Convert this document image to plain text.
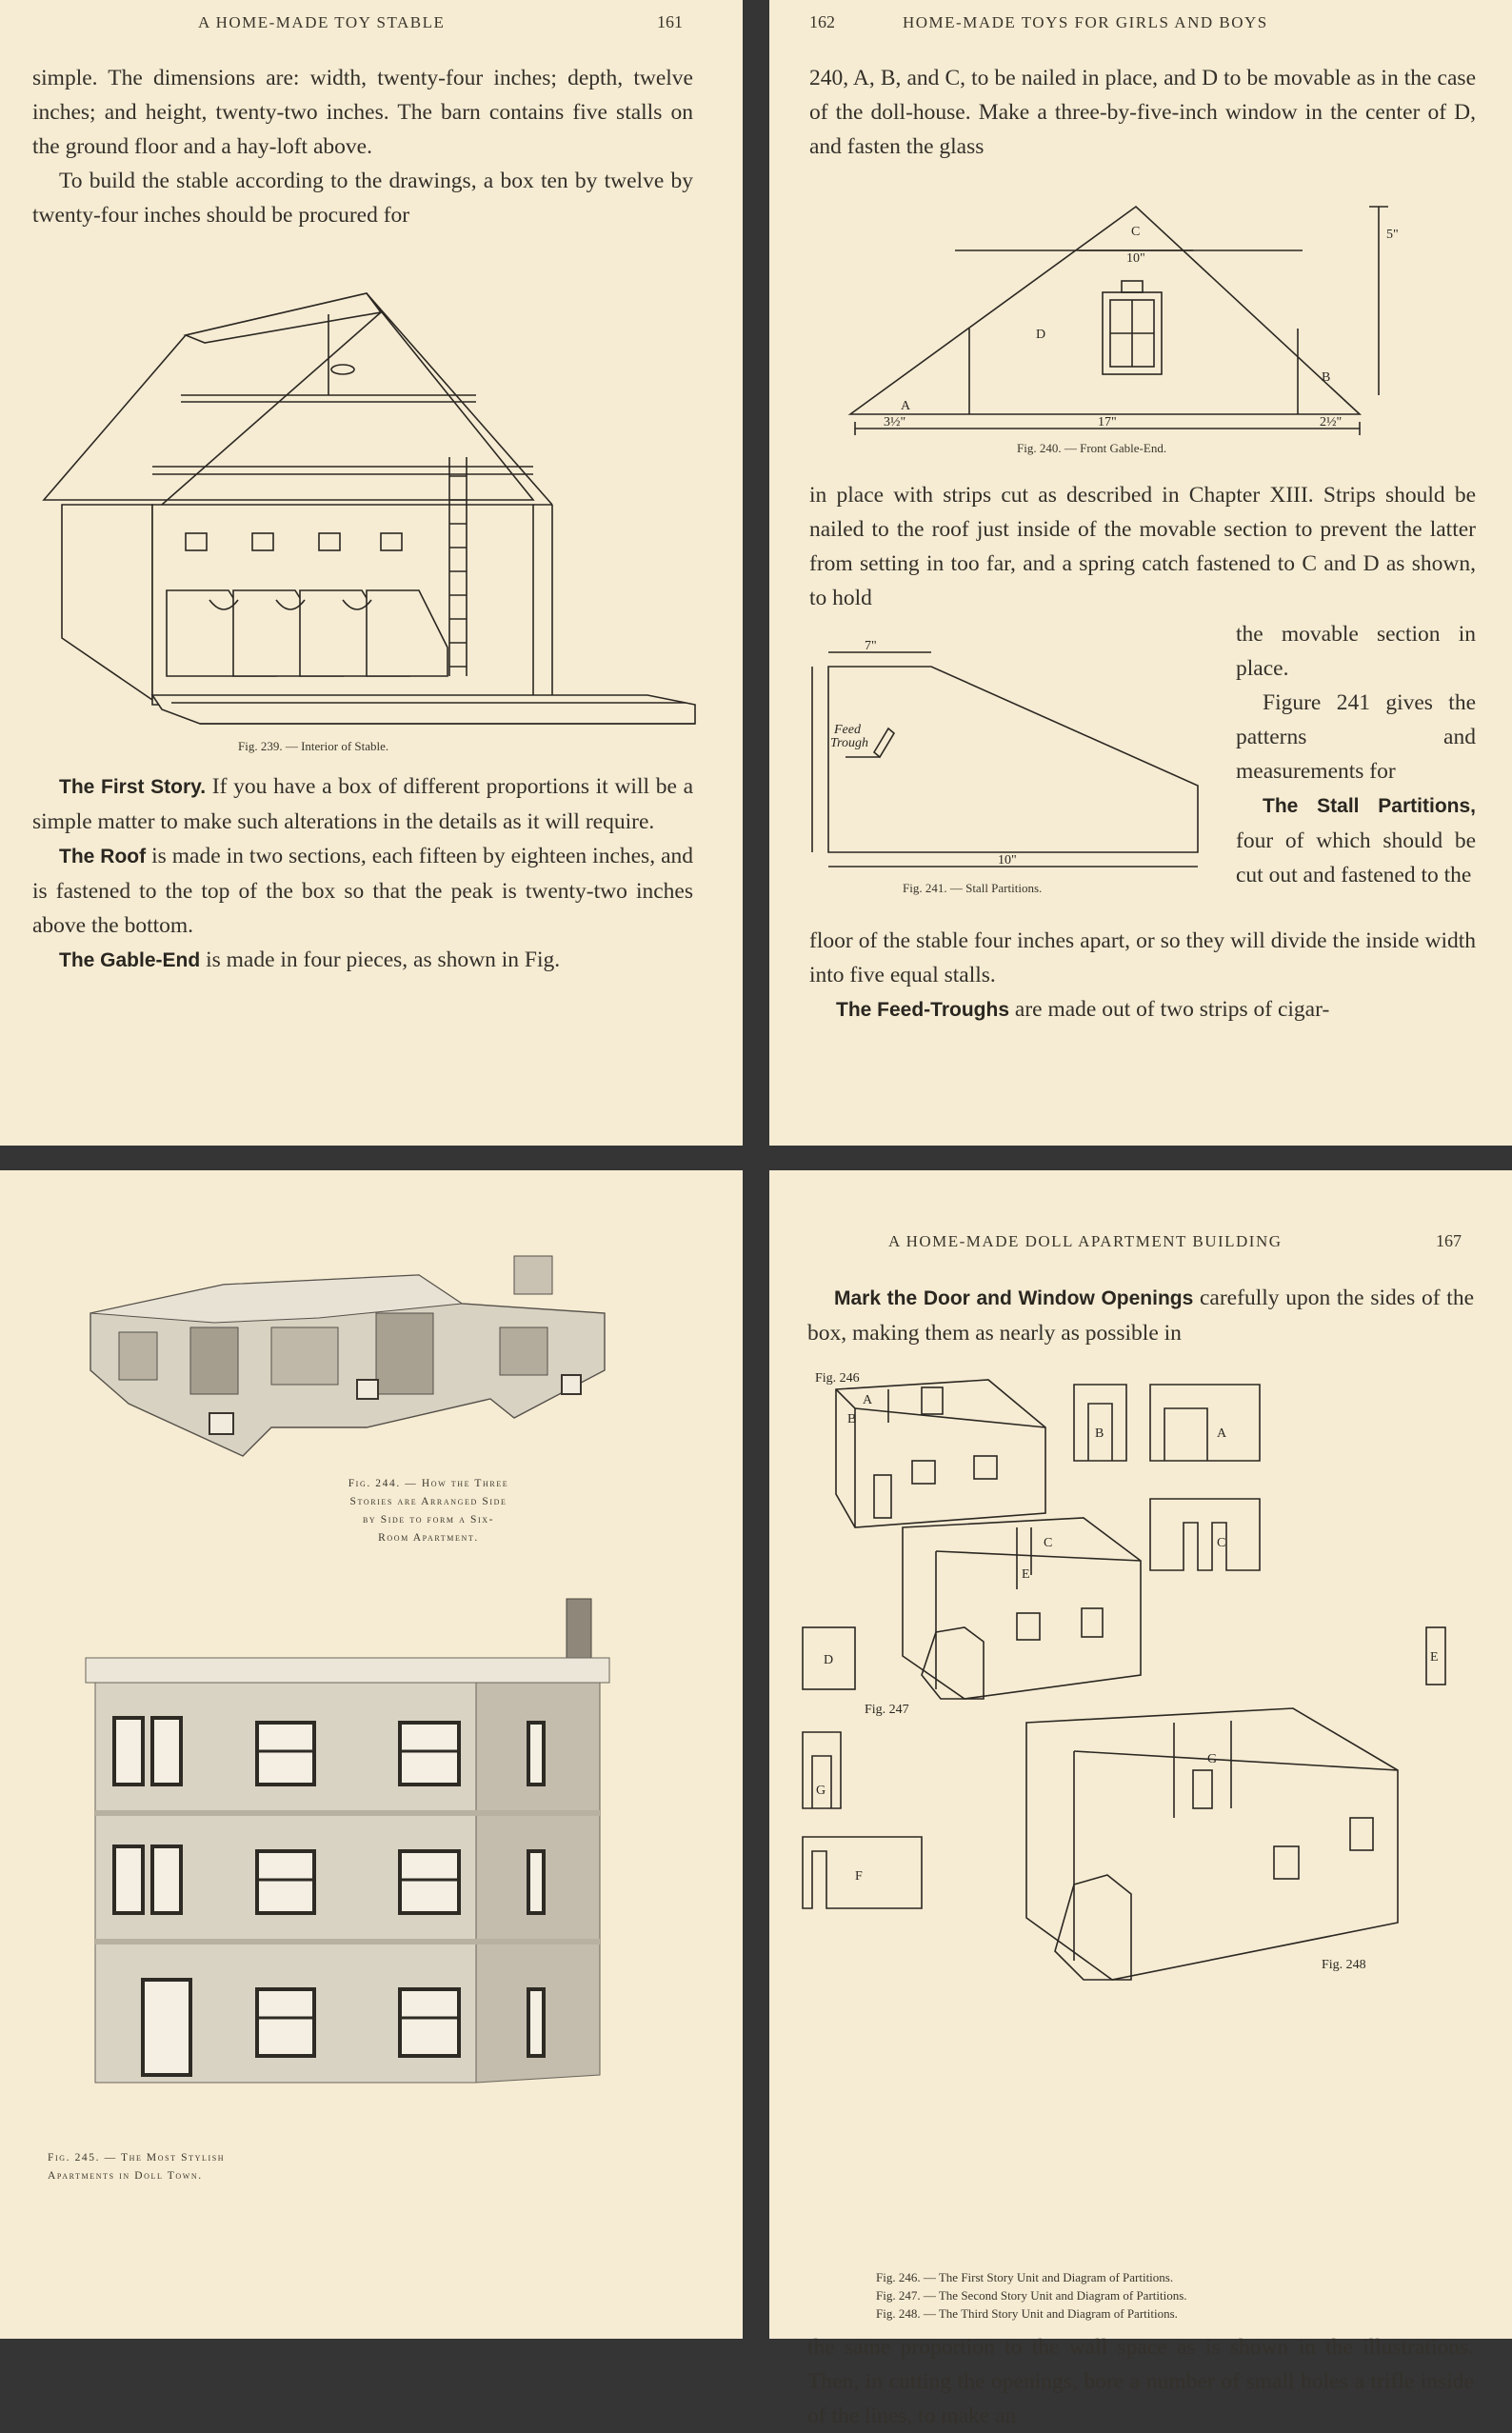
A HOME-MADE TOY STABLE	161

simple. The dimensions are: width, twenty-four inches; depth, twelve inches; and height, twenty-two inches. The barn contains five stalls on the ground floor and a hay-loft above.

To build the stable according to the drawings, a box ten by twelve by twenty-four inches should be procured for

Fig. 239. — Interior of Stable.

The First Story. If you have a box of different proportions it will be a simple matter to make such alterations in the details as it will require.

The Roof is made in two sections, each fifteen by eighteen inches, and is fastened to the top of the box so that the peak is twenty-two inches above the bottom.

The Gable-End is made in four pieces, as shown in Fig.

162	HOME-MADE TOYS FOR GIRLS AND BOYS

240, A, B, and C, to be nailed in place, and D to be movable as in the case of the doll-house. Make a three-by-five-inch window in the center of D, and fasten the glass

C
10"
5"
D
A
B
3½"	17"	2½"
Fig. 240. — Front Gable-End.

in place with strips cut as described in Chapter XIII. Strips should be nailed to the roof just inside of the movable section to prevent the latter from setting in too far, and a spring catch fastened to C and D as shown, to hold

7"
10"
Feed
Trough
Fig. 241. — Stall Partitions.

the movable section in place.

Figure 241 gives the patterns and measurements for

The Stall Partitions, four of which should be cut out and fastened to the

floor of the stable four inches apart, or so they will divide the inside width into five equal stalls.

The Feed-Troughs are made out of two strips of cigar-

Fig. 244. — How the Three
Stories are Arranged Side
by Side to form a Six-
Room Apartment.
Fig. 245. — The Most Stylish
Apartments in Doll Town.
A HOME-MADE DOLL APARTMENT BUILDING	167

Mark the Door and Window Openings carefully upon the sides of the box, making them as nearly as possible in

A
B
Fig. 246
B	A
C
C
E
D	E
Fig. 247
G
Fig. 248
G
F
Fig. 246. — The First Story Unit and Diagram of Partitions.
Fig. 247. — The Second Story Unit and Diagram of Partitions.
Fig. 248. — The Third Story Unit and Diagram of Partitions.

the same proportion to the wall space as is shown in the illustrations. Then, in cutting the openings, bore a number of small holes a trifle inside of the lines, to make an
